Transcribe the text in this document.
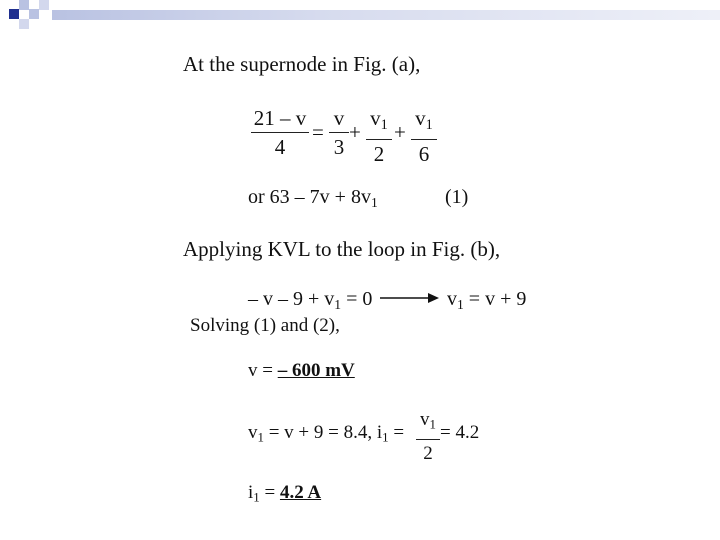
At the supernode in Fig. (a),
21 – v
4
=
v
3
+
$v_1$
2
+
$v_1$
6
or $63 - 7v + 8v_1$	(1)
Applying KVL to the loop in Fig. (b),
– $v - 9 + v_1 = 0$	$v_1 = v + 9$
Solving (1) and (2),
v = – 600 mV
$v_1 = v + 9 = 8.4$, $i_1$ =
$v_1$
2
= 4.2
$i_1 = 4.2$ A
